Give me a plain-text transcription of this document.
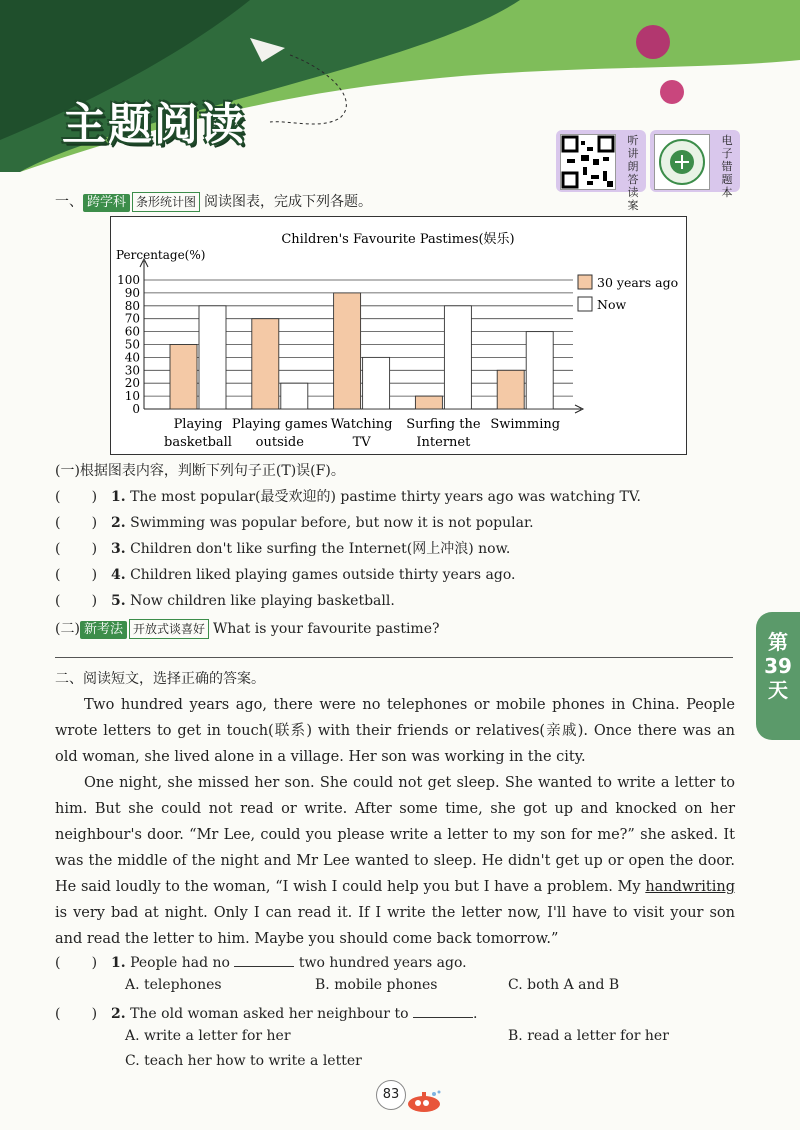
主题阅读	听讲朗答读案
电子错题本
第39天
一、 跨学科 条形统计图 阅读图表，完成下列各题。
Children's Favourite Pastimes(娱乐)
Percentage(%)
0
10
20
30
40
50
60
70
80
90
100
Playing
basketball
Playing games
outside
Watching
TV
Surfing the
Internet
Swimming
30 years ago
Now
(一)根据图表内容，判断下列句子正(T)误(F)。
(       ) 1. The most popular(最受欢迎的) pastime thirty years ago was watching TV.
(       ) 2. Swimming was popular before, but now it is not popular.
(       ) 3. Children don't like surfing the Internet(网上冲浪) now.
(       ) 4. Children liked playing games outside thirty years ago.
(       ) 5. Now children like playing basketball.
(二) 新考法 开放式谈喜好 What is your favourite pastime?
二、阅读短文，选择正确的答案。
Two hundred years ago, there were no telephones or mobile phones in China. People wrote letters to get in touch(联系) with their friends or relatives(亲戚). Once there was an old woman, she lived alone in a village. Her son was working in the city.
One night, she missed her son. She could not get sleep. She wanted to write a letter to him. But she could not read or write. After some time, she got up and knocked on her neighbour's door. “Mr Lee, could you please write a letter to my son for me?” she asked. It was the middle of the night and Mr Lee wanted to sleep. He didn't get up or open the door. He said loudly to the woman, “I wish I could help you but I have a problem. My handwriting is very bad at night. Only I can read it. If I write the letter now, I'll have to visit your son and read the letter to him. Maybe you should come back tomorrow.”
(       ) 1. People had no	two hundred years ago.
A. telephones	B. mobile phones	C. both A and B
(       ) 2. The old woman asked her neighbour to	.
A. write a letter for her	B. read a letter for her
C. teach her how to write a letter
83
